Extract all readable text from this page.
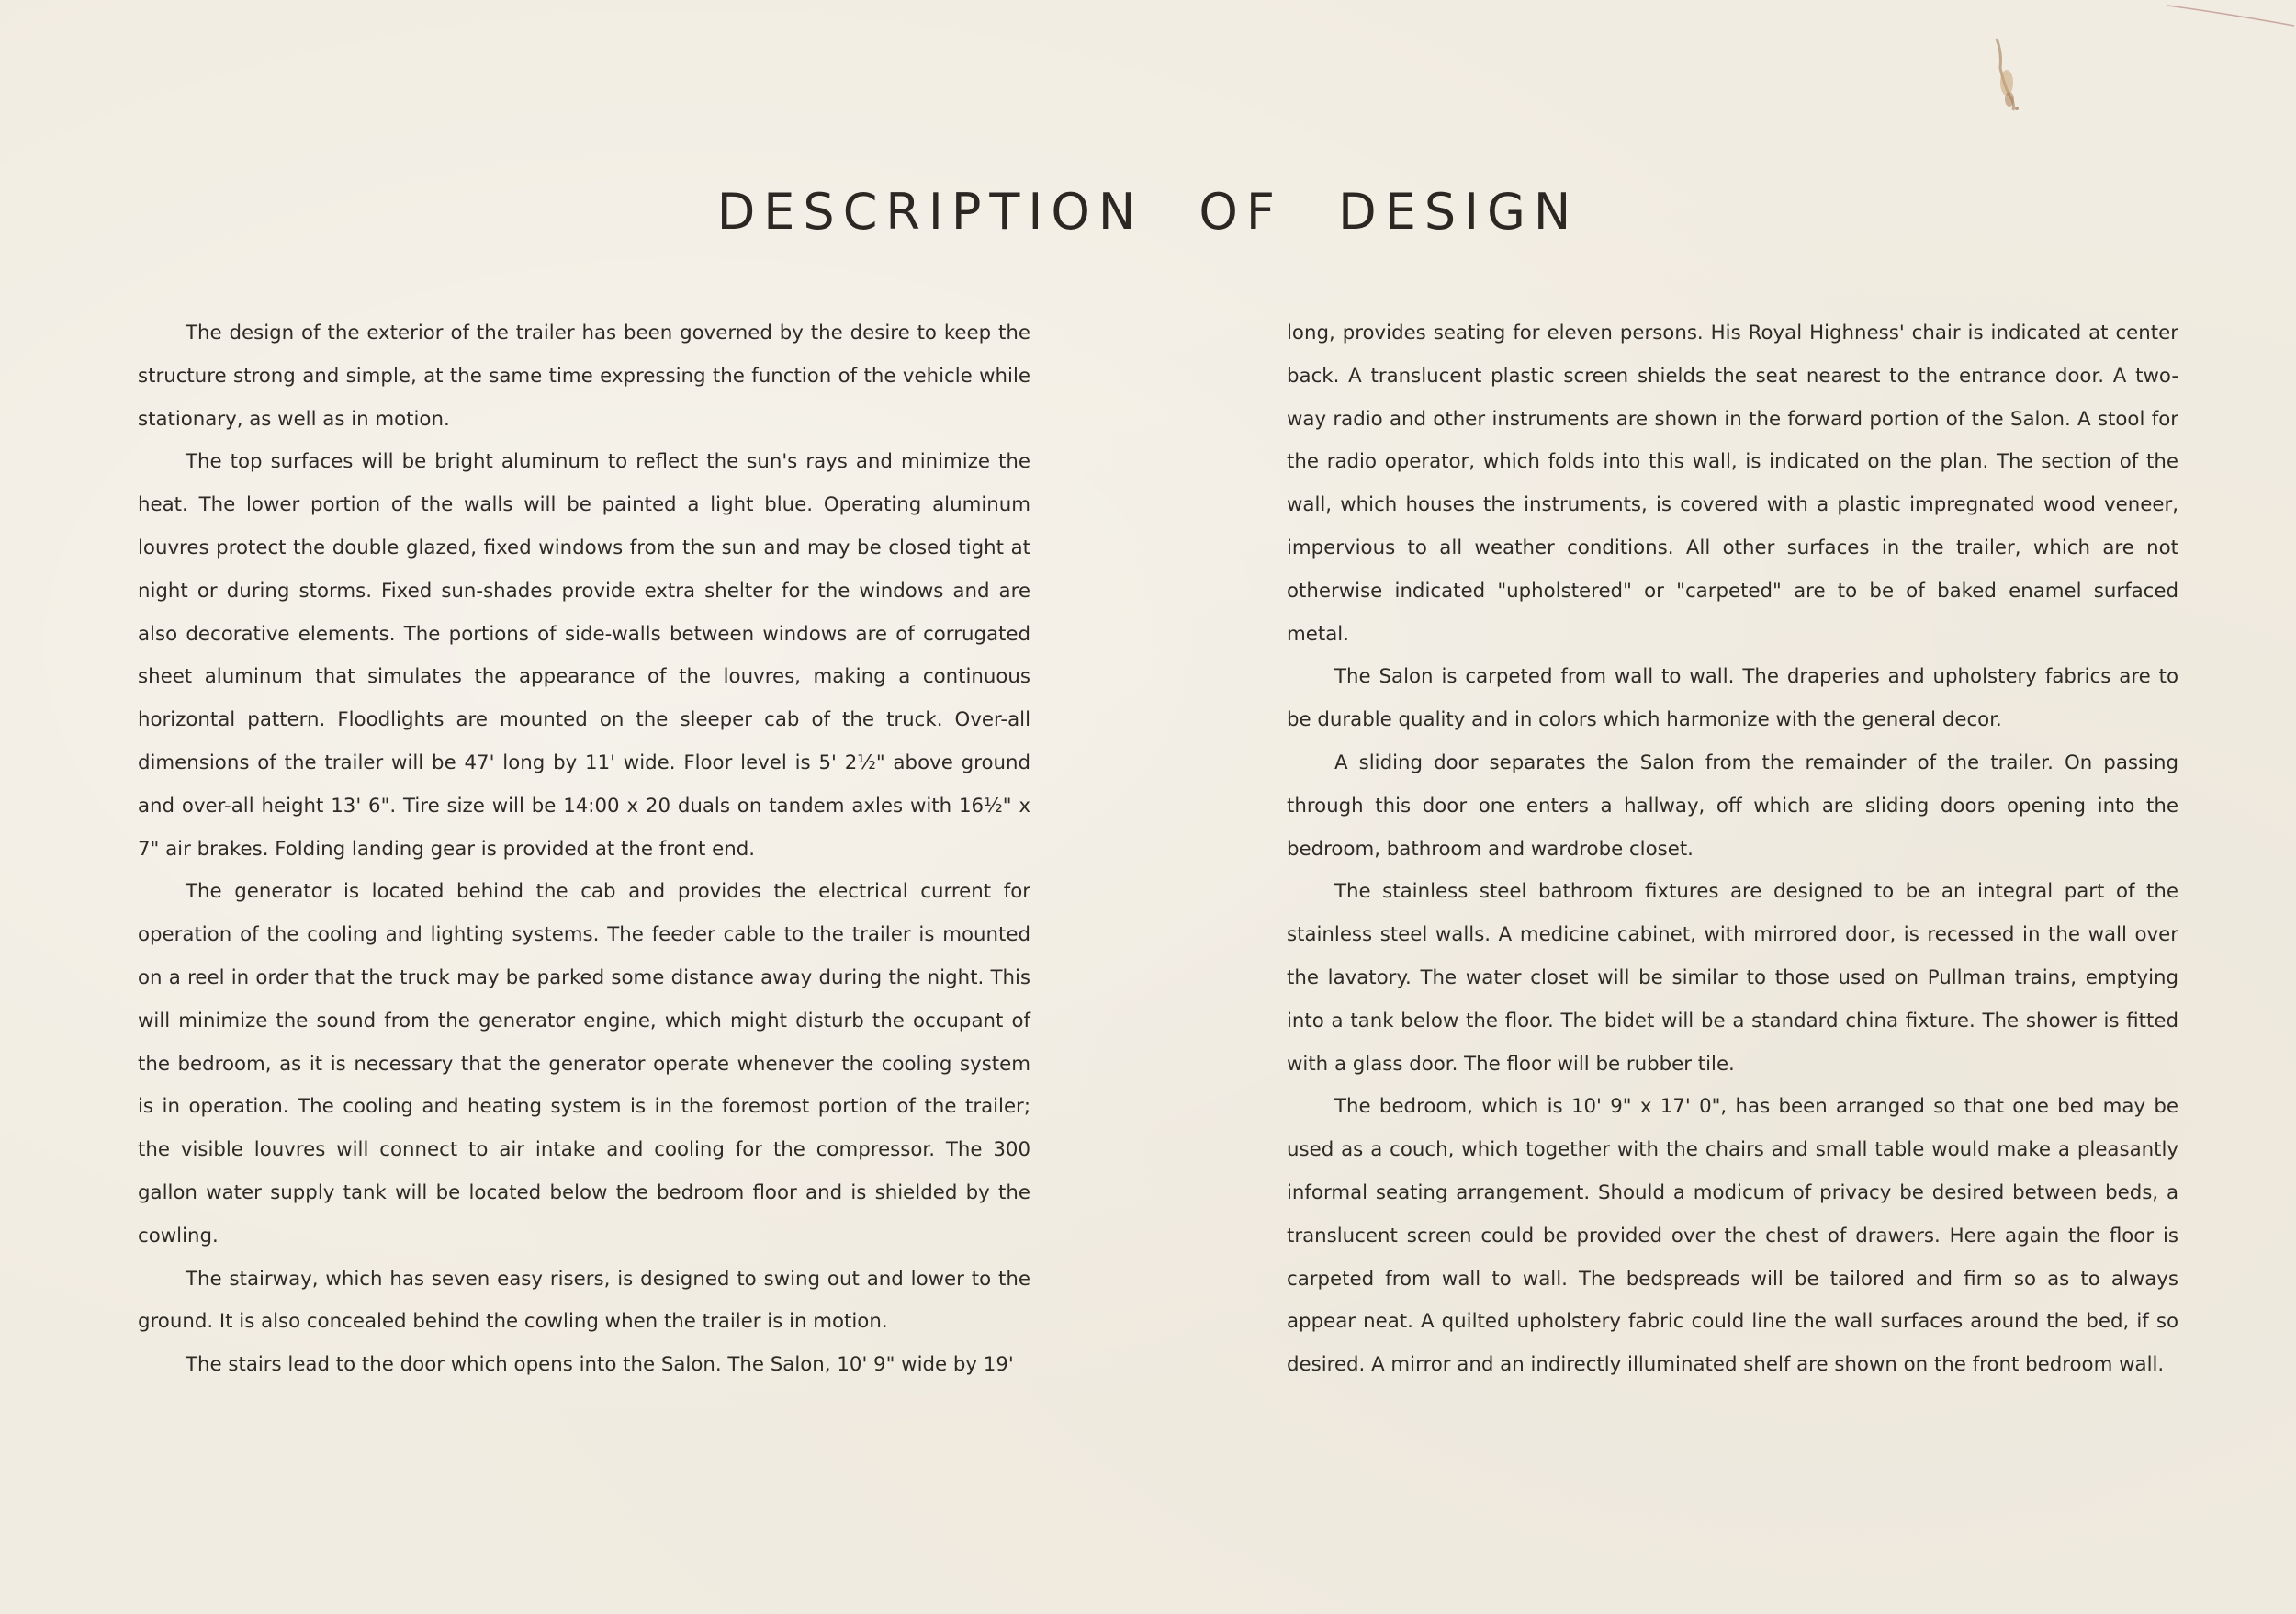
DESCRIPTION OF DESIGN

The design of the exterior of the trailer has been governed by the desire to keep the structure strong and simple, at the same time expressing the function of the vehicle while stationary, as well as in motion.

The top surfaces will be bright aluminum to reflect the sun's rays and minimize the heat. The lower portion of the walls will be painted a light blue. Operating aluminum louvres protect the double glazed, fixed windows from the sun and may be closed tight at night or during storms. Fixed sun-shades provide extra shelter for the windows and are also decorative elements. The portions of side-walls between windows are of corrugated sheet aluminum that simulates the appearance of the louvres, making a continuous horizontal pattern. Floodlights are mounted on the sleeper cab of the truck. Over-all dimensions of the trailer will be 47' long by 11' wide. Floor level is 5' 2½" above ground and over-all height 13' 6". Tire size will be 14:00 x 20 duals on tandem axles with 16½" x 7" air brakes. Folding landing gear is provided at the front end.

The generator is located behind the cab and provides the electrical current for operation of the cooling and lighting systems. The feeder cable to the trailer is mounted on a reel in order that the truck may be parked some distance away during the night. This will minimize the sound from the generator engine, which might disturb the occupant of the bedroom, as it is necessary that the generator operate whenever the cooling system is in operation. The cooling and heating system is in the foremost portion of the trailer; the visible louvres will connect to air intake and cooling for the compressor. The 300 gallon water supply tank will be located below the bedroom floor and is shielded by the cowling.

The stairway, which has seven easy risers, is designed to swing out and lower to the ground. It is also concealed behind the cowling when the trailer is in motion.

The stairs lead to the door which opens into the Salon. The Salon, 10' 9" wide by 19'

long, provides seating for eleven persons. His Royal Highness' chair is indicated at center back. A translucent plastic screen shields the seat nearest to the entrance door. A two-way radio and other instruments are shown in the forward portion of the Salon. A stool for the radio operator, which folds into this wall, is indicated on the plan. The section of the wall, which houses the instruments, is covered with a plastic impregnated wood veneer, impervious to all weather conditions. All other surfaces in the trailer, which are not otherwise indicated "upholstered" or "carpeted" are to be of baked enamel surfaced metal.

The Salon is carpeted from wall to wall. The draperies and upholstery fabrics are to be durable quality and in colors which harmonize with the general decor.

A sliding door separates the Salon from the remainder of the trailer. On passing through this door one enters a hallway, off which are sliding doors opening into the bedroom, bathroom and wardrobe closet.

The stainless steel bathroom fixtures are designed to be an integral part of the stainless steel walls. A medicine cabinet, with mirrored door, is recessed in the wall over the lavatory. The water closet will be similar to those used on Pullman trains, emptying into a tank below the floor. The bidet will be a standard china fixture. The shower is fitted with a glass door. The floor will be rubber tile.

The bedroom, which is 10' 9" x 17' 0", has been arranged so that one bed may be used as a couch, which together with the chairs and small table would make a pleasantly informal seating arrangement. Should a modicum of privacy be desired between beds, a translucent screen could be provided over the chest of drawers. Here again the floor is carpeted from wall to wall. The bedspreads will be tailored and firm so as to always appear neat. A quilted upholstery fabric could line the wall surfaces around the bed, if so desired. A mirror and an indirectly illuminated shelf are shown on the front bedroom wall.
